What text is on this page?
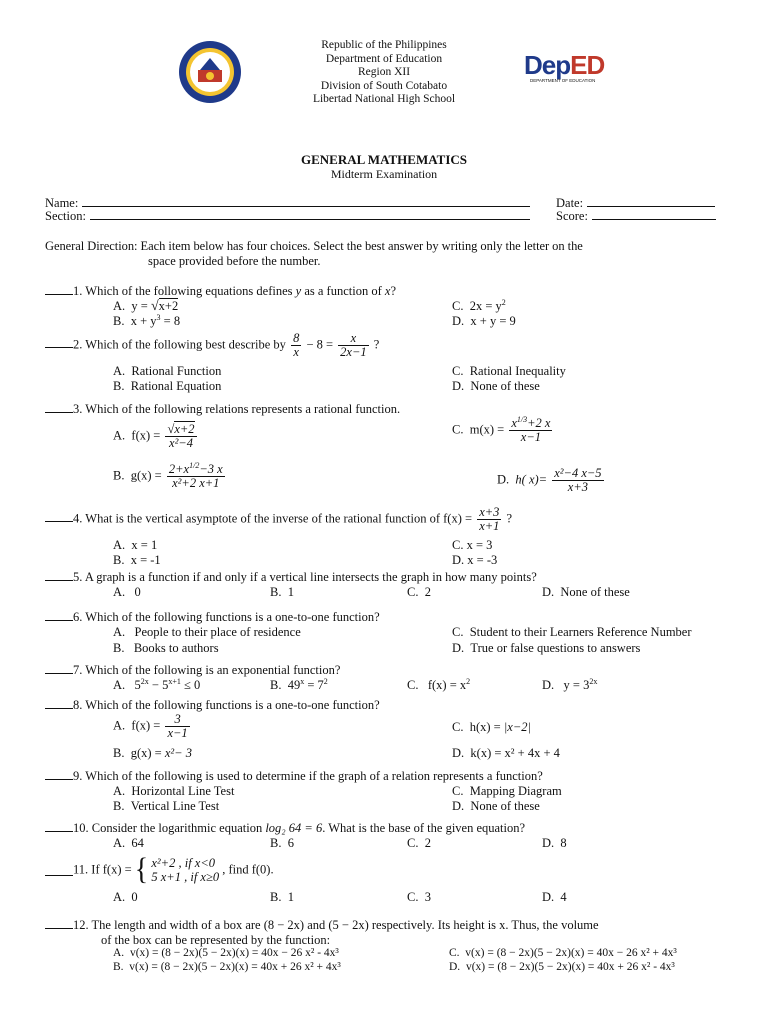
Republic of the Philippines
Department of Education
Region XII
Division of South Cotabato
Libertad National High School
DepED
DEPARTMENT OF EDUCATION
GENERAL MATHEMATICS
Midterm Examination
Name:
Section:
Date:
Score:
General Direction: Each item below has four choices. Select the best answer by writing only the letter on the
space provided before the number.
1. Which of the following equations defines y as a function of x?
A. y = √x+2
B. $x + y^3 = 8$
C. $2x = y^2$
D. x + y = 9
2. Which of the following best describe by $\frac{8}{x} - 8 = \frac{x}{2x-1}$ ?
A. Rational Function
B. Rational Equation
C. Rational Inequality
D. None of these
3. Which of the following relations represents a rational function.
A. $f(x) = \frac{√x+2}{\text{x²−4}}$	C. $m(x) = \frac{x^{1/3}+2 x}{x-1}$
B. $g(x) = \frac{2+x^{1/2}-3 x}{\text{x²+2 x+1}}$	D. h( $x)= \frac{\text{x²−4 x−5}}{x+3}$
4. What is the vertical asymptote of the inverse of the rational function of $f(x) = \frac{x+3}{x+1}$ ?
A. x = 1
B. x = -1
C. x = 3
D. x = -3
5. A graph is a function if and only if a vertical line intersects the graph in how many points?
A. 0	B. 1	C. 2	D. None of these
6. Which of the following functions is a one-to-one function?
A. People to their place of residence
B. Books to authors
C. Student to their Learners Reference Number
D. True or false questions to answers
7. Which of the following is an exponential function?
A. $5^{2x} - 5^{x+1} \le 0$	B. $49^x = 7^2$	C. $f(x) = x^2$	D. $y = 3^{2x}$
8. Which of the following functions is a one-to-one function?
A. $f(x) = \frac{3}{x-1}$	C. h(x) = |x−2|
B. g(x) = x²− 3	D. k(x) = x² + 4x + 4
9. Which of the following is used to determine if the graph of a relation represents a function?
A. Horizontal Line Test
B. Vertical Line Test
C. Mapping Diagram
D. None of these
10. Consider the logarithmic equation log₂ 64 = 6. What is the base of the given equation?
A. 64	B. 6	C. 2	D. 8
11. If f(x) = { x²+2 , if x<0
5 x+1 , if x≥0
, find f(0).
A. 0	B. 1	C. 3	D. 4
12. The length and width of a box are (8 − 2x) and (5 − 2x) respectively. Its height is x. Thus, the volume
of the box can be represented by the function:
A. v(x) = (8 − 2x)(5 − 2x)(x) = 40x − 26 x² - 4x³
B. v(x) = (8 − 2x)(5 − 2x)(x) = 40x + 26 x² + 4x³
C. v(x) = (8 − 2x)(5 − 2x)(x) = 40x − 26 x² + 4x³
D. v(x) = (8 − 2x)(5 − 2x)(x) = 40x + 26 x² - 4x³
